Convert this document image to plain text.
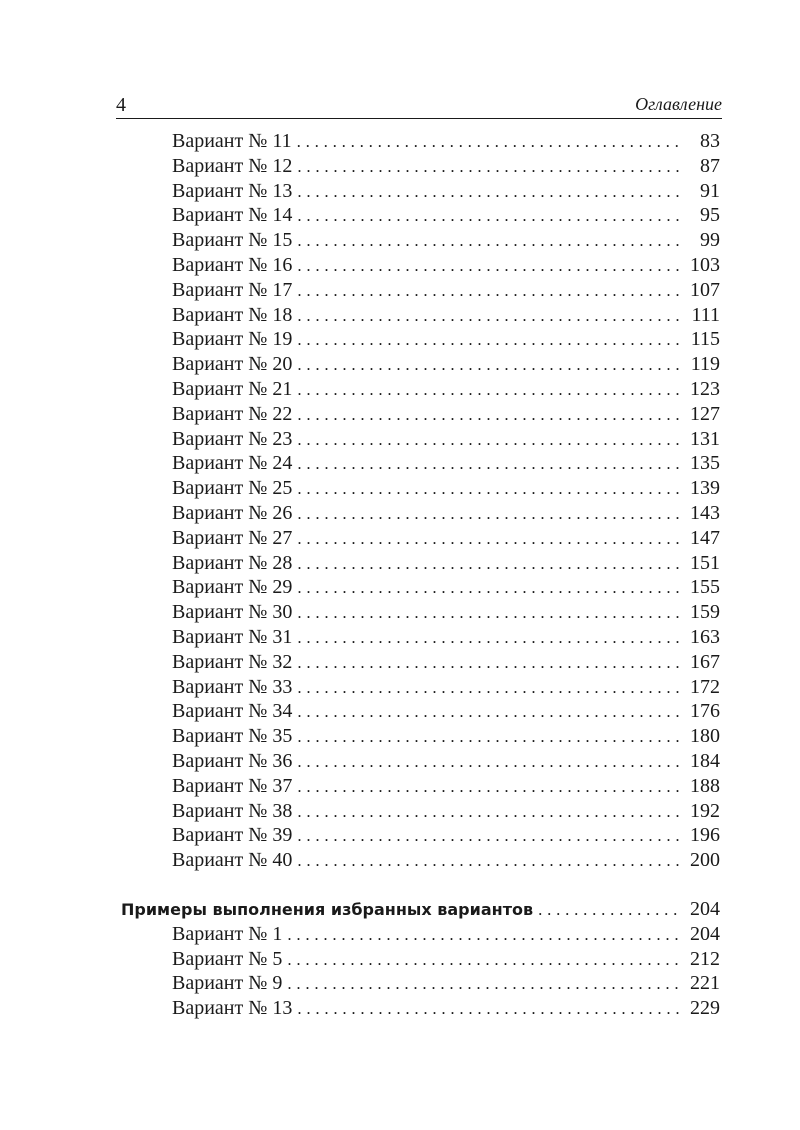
4	Оглавление
Вариант № 11 . . .	83
Вариант № 12 . . .	87
Вариант № 13 . . .	91
Вариант № 14 . . .	95
Вариант № 15 . . .	99
Вариант № 16 . . .	103
Вариант № 17 . . .	107
Вариант № 18 . . .	111
Вариант № 19 . . .	115
Вариант № 20 . . .	119
Вариант № 21 . . .	123
Вариант № 22 . . .	127
Вариант № 23 . . .	131
Вариант № 24 . . .	135
Вариант № 25 . . .	139
Вариант № 26 . . .	143
Вариант № 27 . . .	147
Вариант № 28 . . .	151
Вариант № 29 . . .	155
Вариант № 30 . . .	159
Вариант № 31 . . .	163
Вариант № 32 . . .	167
Вариант № 33 . . .	172
Вариант № 34 . . .	176
Вариант № 35 . . .	180
Вариант № 36 . . .	184
Вариант № 37 . . .	188
Вариант № 38 . . .	192
Вариант № 39 . . .	196
Вариант № 40 . . .	200
Примеры выполнения избранных вариантов . . .	204
Вариант № 1 . . .	204
Вариант № 5 . . .	212
Вариант № 9 . . .	221
Вариант № 13 . . .	229
